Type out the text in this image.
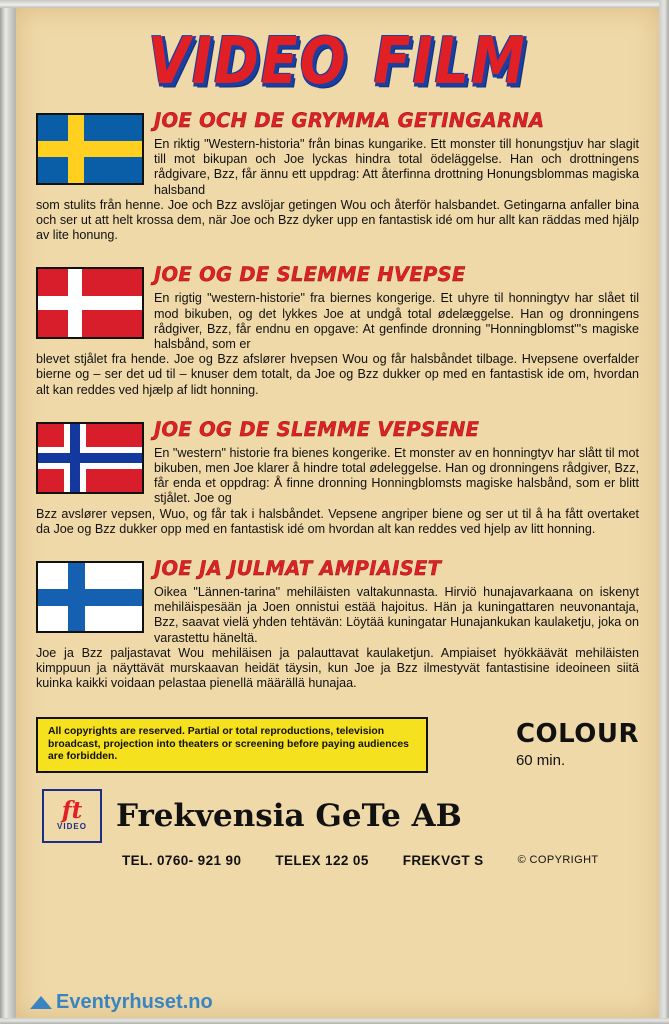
VIDEO FILM
JOE OCH DE GRYMMA GETINGARNA
En riktig "Western-historia" från binas kungarike. Ett monster till honungstjuv har slagit till mot bikupan och Joe lyckas hindra total ödeläggelse. Han och drottningens rådgivare, Bzz, får ännu ett uppdrag: Att återfinna drottning Honungsblommas magiska halsband
som stulits från henne. Joe och Bzz avslöjar getingen Wou och återför halsbandet. Getingarna anfaller bina och ser ut att helt krossa dem, när Joe och Bzz dyker upp en fantastisk idé om hur allt kan räddas med hjälp av lite honung.
JOE OG DE SLEMME HVEPSE
En rigtig "western-historie" fra biernes kongerige. Et uhyre til honningtyv har slået til mod bikuben, og det lykkes Joe at undgå total ødelæggelse. Han og dronningens rådgiver, Bzz, får endnu en opgave: At genfinde dronning "Honningblomst"'s magiske halsbånd, som er
blevet stjålet fra hende. Joe og Bzz afslører hvepsen Wou og får halsbåndet tilbage. Hvepsene overfalder bierne og – ser det ud til – knuser dem totalt, da Joe og Bzz dukker op med en fantastisk ide om, hvordan alt kan reddes ved hjælp af lidt honning.
JOE OG DE SLEMME VEPSENE
En "western" historie fra bienes kongerike. Et monster av en honningtyv har slått til mot bikuben, men Joe klarer å hindre total ødeleggelse. Han og dronningens rådgiver, Bzz, får enda et oppdrag: Å finne dronning Honningblomsts magiske halsbånd, som er blitt stjålet. Joe og
Bzz avslører vepsen, Wuo, og får tak i halsbåndet. Vepsene angriper biene og ser ut til å ha fått overtaket da Joe og Bzz dukker opp med en fantastisk idé om hvordan alt kan reddes ved hjelp av litt honning.
JOE JA JULMAT AMPIAISET
Oikea "Lännen-tarina" mehiläisten valtakunnasta. Hirviö hunajavarkaana on iskenyt mehiläispesään ja Joen onnistui estää hajoitus. Hän ja kuningattaren neuvonantaja, Bzz, saavat vielä yhden tehtävän: Löytää kuningatar Hunajankukan kaulaketju, joka on varastettu häneltä.
Joe ja Bzz paljastavat Wou mehiläisen ja palauttavat kaulaketjun. Ampiaiset hyökkäävät mehiläisten kimppuun ja näyttävät murskaavan heidät täysin, kun Joe ja Bzz ilmestyvät fantastisine ideoineen siitä kuinka kaikki voidaan pelastaa pienellä määrällä hunajaa.

All copyrights are reserved. Partial or total reproductions, television broadcast, projection into theaters or screening before paying audiences are forbidden.

COLOUR
60 min.
ft
VIDEO Frekvensia GeTe AB
TEL. 0760- 921 90	TELEX 122 05	FREKVGT S	© COPYRIGHT
Eventyrhuset.no
